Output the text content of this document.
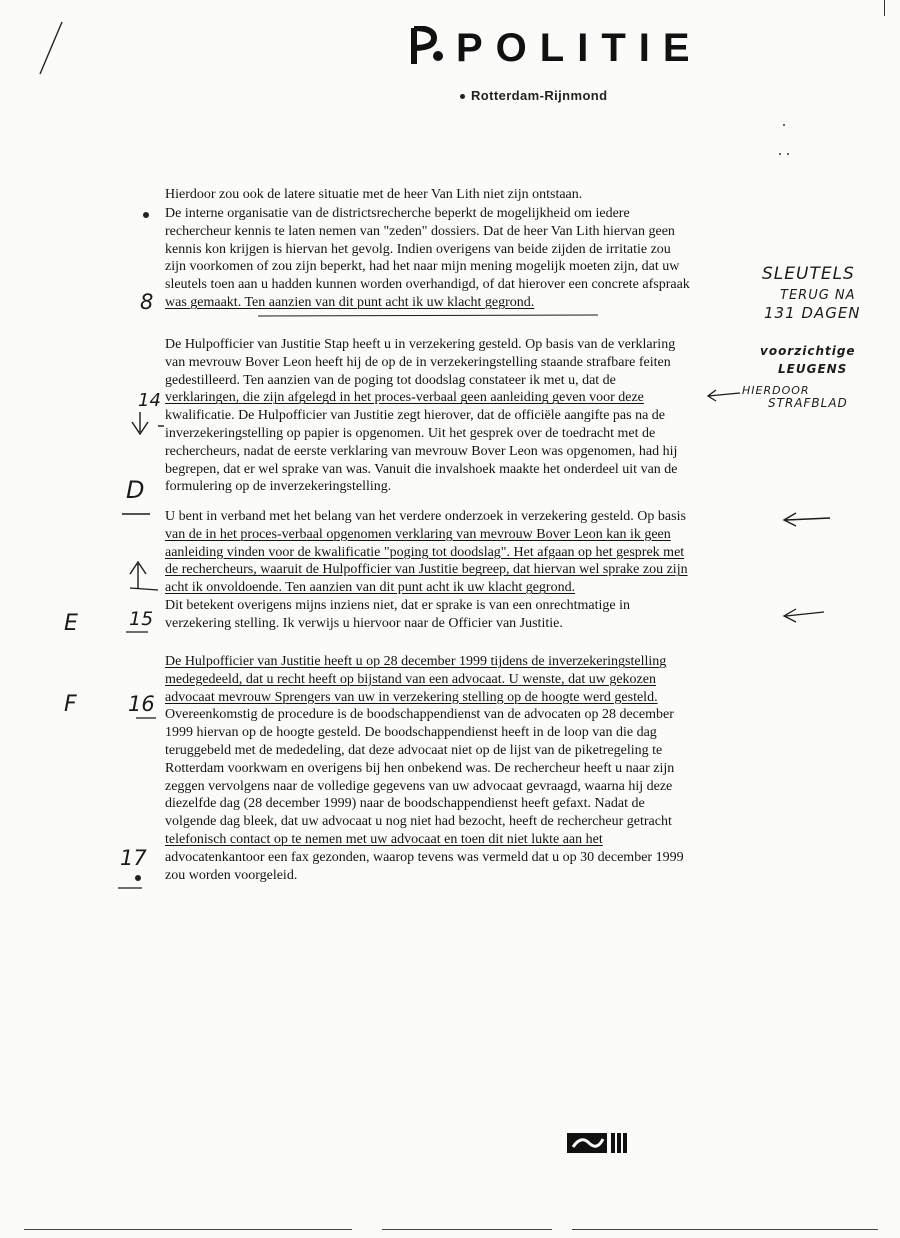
POLITIE
Rotterdam-Rijnmond

Hierdoor zou ook de latere situatie met de heer Van Lith niet zijn ontstaan.

De interne organisatie van de districtsrecherche beperkt de mogelijkheid om iedere
rechercheur kennis te laten nemen van "zeden" dossiers. Dat de heer Van Lith hiervan geen
kennis kon krijgen is hiervan het gevolg. Indien overigens van beide zijden de irritatie zou
zijn voorkomen of zou zijn beperkt, had het naar mijn mening mogelijk moeten zijn, dat uw
sleutels toen aan u hadden kunnen worden overhandigd, of dat hierover een concrete afspraak
was gemaakt. Ten aanzien van dit punt acht ik uw klacht gegrond.
De Hulpofficier van Justitie Stap heeft u in verzekering gesteld. Op basis van de verklaring
van mevrouw Bover Leon heeft hij de op de in verzekeringstelling staande strafbare feiten
gedestilleerd. Ten aanzien van de poging tot doodslag constateer ik met u, dat de
verklaringen, die zijn afgelegd in het proces-verbaal geen aanleiding geven voor deze
kwalificatie. De Hulpofficier van Justitie zegt hierover, dat de officiële aangifte pas na de
inverzekeringstelling op papier is opgenomen. Uit het gesprek over de toedracht met de
rechercheurs, nadat de eerste verklaring van mevrouw Bover Leon was opgenomen, had hij
begrepen, dat er wel sprake van was. Vanuit die invalshoek maakte het onderdeel uit van de
formulering op de inverzekeringstelling.
U bent in verband met het belang van het verdere onderzoek in verzekering gesteld. Op basis
van de in het proces-verbaal opgenomen verklaring van mevrouw Bover Leon kan ik geen
aanleiding vinden voor de kwalificatie "poging tot doodslag". Het afgaan op het gesprek met
de rechercheurs, waaruit de Hulpofficier van Justitie begreep, dat hiervan wel sprake zou zijn
acht ik onvoldoende. Ten aanzien van dit punt acht ik uw klacht gegrond.
Dit betekent overigens mijns inziens niet, dat er sprake is van een onrechtmatige in
verzekering stelling. Ik verwijs u hiervoor naar de Officier van Justitie.
De Hulpofficier van Justitie heeft u op 28 december 1999 tijdens de inverzekeringstelling
medegedeeld, dat u recht heeft op bijstand van een advocaat. U wenste, dat uw gekozen
advocaat mevrouw Sprengers van uw in verzekering stelling op de hoogte werd gesteld.
Overeenkomstig de procedure is de boodschappendienst van de advocaten op 28 december
1999 hiervan op de hoogte gesteld. De boodschappendienst heeft in de loop van die dag
teruggebeld met de mededeling, dat deze advocaat niet op de lijst van de piketregeling te
Rotterdam voorkwam en overigens bij hen onbekend was. De rechercheur heeft u naar zijn
zeggen vervolgens naar de volledige gegevens van uw advocaat gevraagd, waarna hij deze
diezelfde dag (28 december 1999) naar de boodschappendienst heeft gefaxt. Nadat de
volgende dag bleek, dat uw advocaat u nog niet had bezocht, heeft de rechercheur getracht
telefonisch contact op te nemen met uw advocaat en toen dit niet lukte aan het
advocatenkantoor een fax gezonden, waarop tevens was vermeld dat u op 30 december 1999
zou worden voorgeleid.
SLEUTELS
TERUG NA
131 DAGEN
voorzichtige
LEUGENS
HIERDOOR
STRAFBLAD
8
14
D
E	15
F 16
17
